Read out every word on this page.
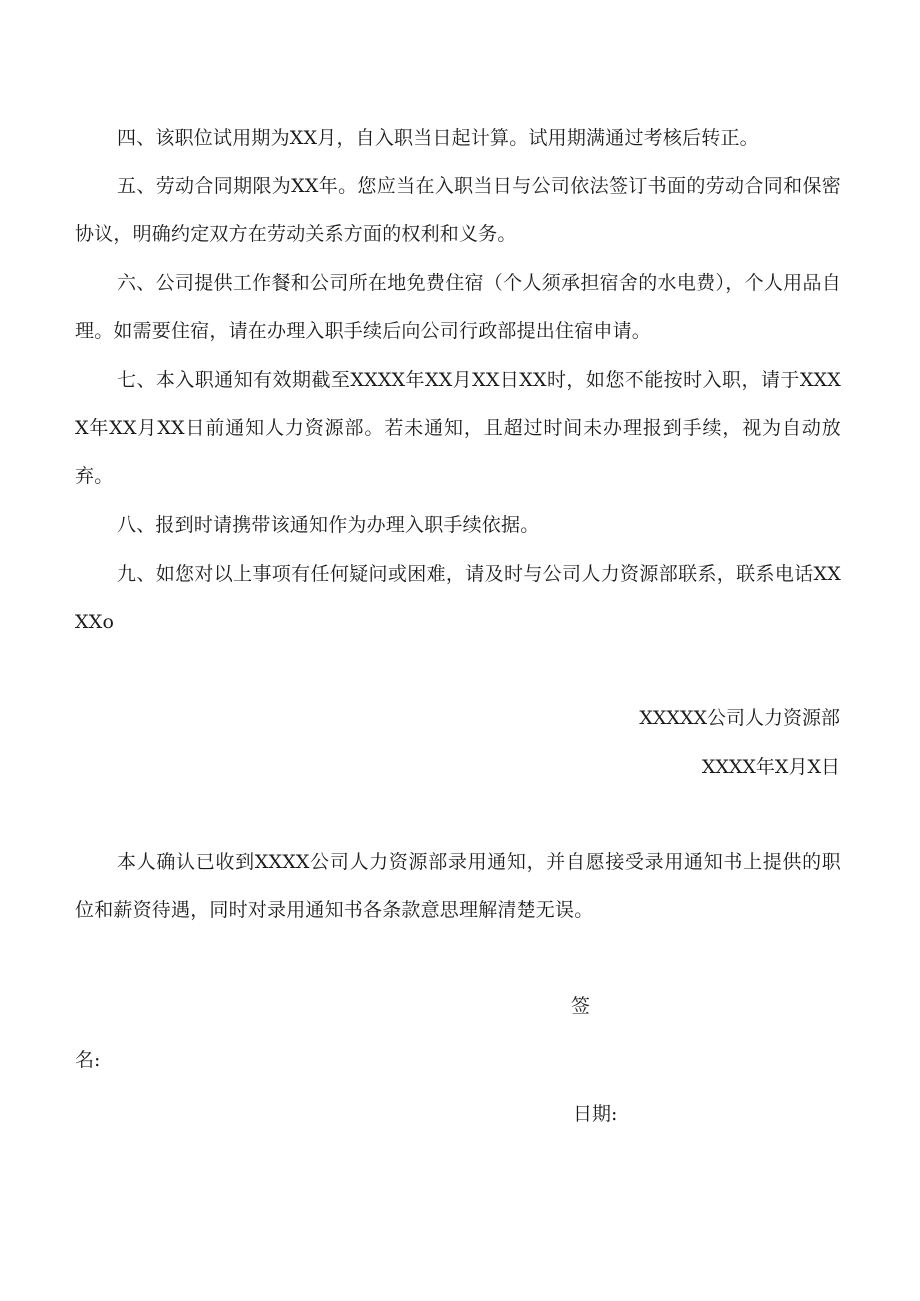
四、该职位试用期为XX月，自入职当日起计算。试用期满通过考核后转正。

五、劳动合同期限为XX年。您应当在入职当日与公司依法签订书面的劳动合同和保密协议，明确约定双方在劳动关系方面的权利和义务。

六、公司提供工作餐和公司所在地免费住宿（个人须承担宿舍的水电费），个人用品自理。如需要住宿，请在办理入职手续后向公司行政部提出住宿申请。

七、本入职通知有效期截至XXXX年XX月XX日XX时，如您不能按时入职，请于XXXX年XX月XX日前通知人力资源部。若未通知，且超过时间未办理报到手续，视为自动放弃。

八、报到时请携带该通知作为办理入职手续依据。

九、如您对以上事项有任何疑问或困难，请及时与公司人力资源部联系，联系电话XXXXo

XXXXX公司人力资源部
XXXX年X月X日

本人确认已收到XXXX公司人力资源部录用通知，并自愿接受录用通知书上提供的职位和薪资待遇，同时对录用通知书各条款意思理解清楚无误。

签
名:
日期:
